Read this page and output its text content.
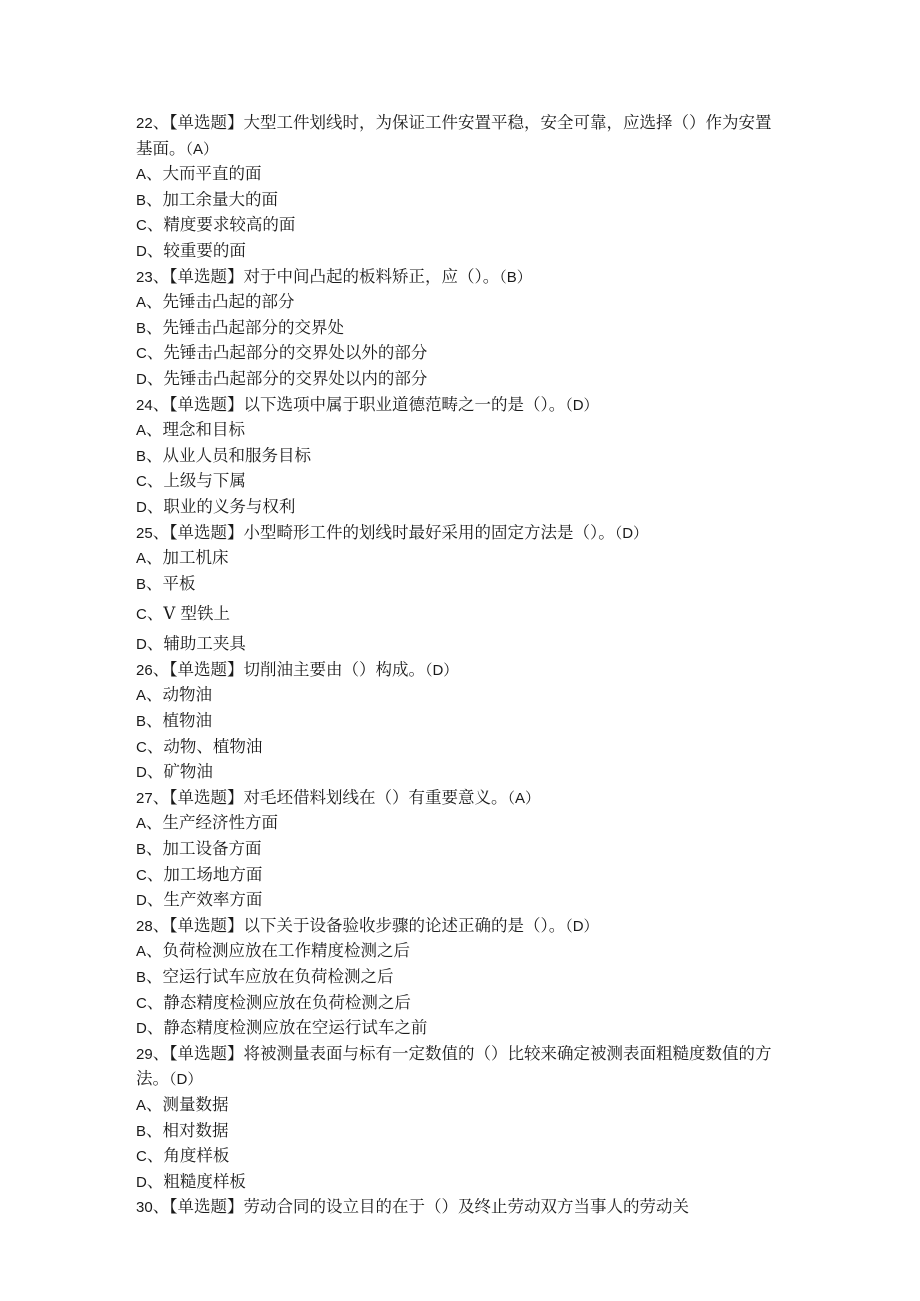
22、【单选题】大型工件划线时，为保证工件安置平稳，安全可靠，应选择（）作为安置基面。（A）

A、大而平直的面
B、加工余量大的面
C、精度要求较高的面
D、较重要的面

23、【单选题】对于中间凸起的板料矫正，应（）。（B）

A、先锤击凸起的部分
B、先锤击凸起部分的交界处
C、先锤击凸起部分的交界处以外的部分
D、先锤击凸起部分的交界处以内的部分

24、【单选题】以下选项中属于职业道德范畴之一的是（）。（D）

A、理念和目标
B、从业人员和服务目标
C、上级与下属
D、职业的义务与权利

25、【单选题】小型畸形工件的划线时最好采用的固定方法是（）。（D）

A、加工机床
B、平板
C、V 型铁上
D、辅助工夹具

26、【单选题】切削油主要由（）构成。（D）

A、动物油
B、植物油
C、动物、植物油
D、矿物油

27、【单选题】对毛坯借料划线在（）有重要意义。（A）

A、生产经济性方面
B、加工设备方面
C、加工场地方面
D、生产效率方面

28、【单选题】以下关于设备验收步骤的论述正确的是（）。（D）

A、负荷检测应放在工作精度检测之后
B、空运行试车应放在负荷检测之后
C、静态精度检测应放在负荷检测之后
D、静态精度检测应放在空运行试车之前

29、【单选题】将被测量表面与标有一定数值的（）比较来确定被测表面粗糙度数值的方法。（D）

A、测量数据
B、相对数据
C、角度样板
D、粗糙度样板

30、【单选题】劳动合同的设立目的在于（）及终止劳动双方当事人的劳动关
